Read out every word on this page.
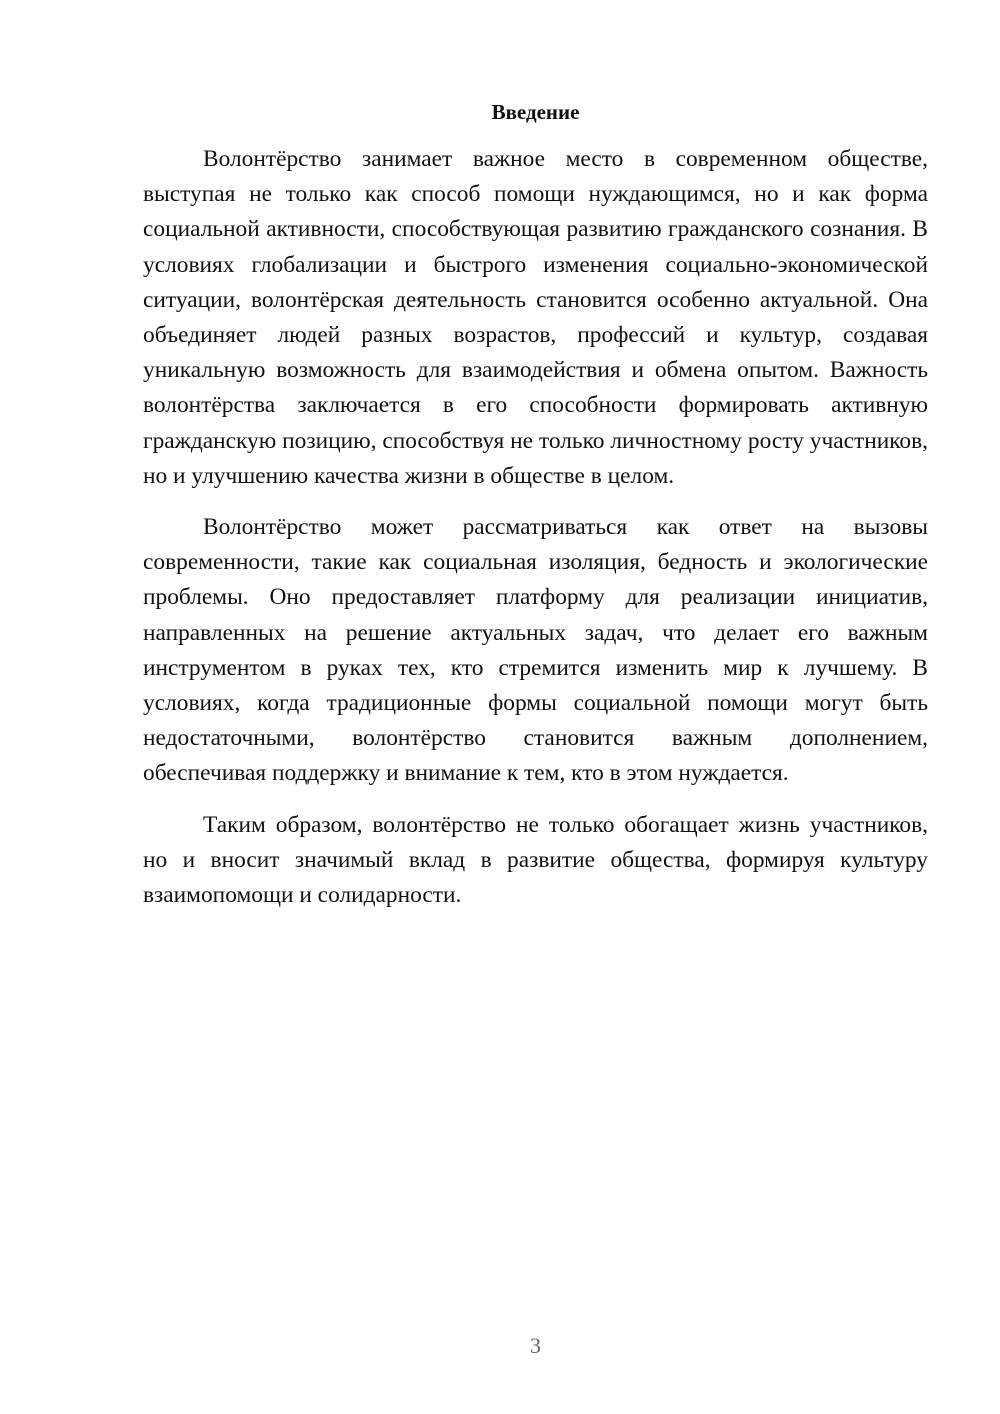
Введение

Волонтёрство занимает важное место в современном обществе, выступая не только как способ помощи нуждающимся, но и как форма социальной активности, способствующая развитию гражданского сознания. В условиях глобализации и быстрого изменения социально-экономической ситуации, волонтёрская деятельность становится особенно актуальной. Она объединяет людей разных возрастов, профессий и культур, создавая уникальную возможность для взаимодействия и обмена опытом. Важность волонтёрства заключается в его способности формировать активную гражданскую позицию, способствуя не только личностному росту участников, но и улучшению качества жизни в обществе в целом.

Волонтёрство может рассматриваться как ответ на вызовы современности, такие как социальная изоляция, бедность и экологические проблемы. Оно предоставляет платформу для реализации инициатив, направленных на решение актуальных задач, что делает его важным инструментом в руках тех, кто стремится изменить мир к лучшему. В условиях, когда традиционные формы социальной помощи могут быть недостаточными, волонтёрство становится важным дополнением, обеспечивая поддержку и внимание к тем, кто в этом нуждается.

Таким образом, волонтёрство не только обогащает жизнь участников, но и вносит значимый вклад в развитие общества, формируя культуру взаимопомощи и солидарности.

3
